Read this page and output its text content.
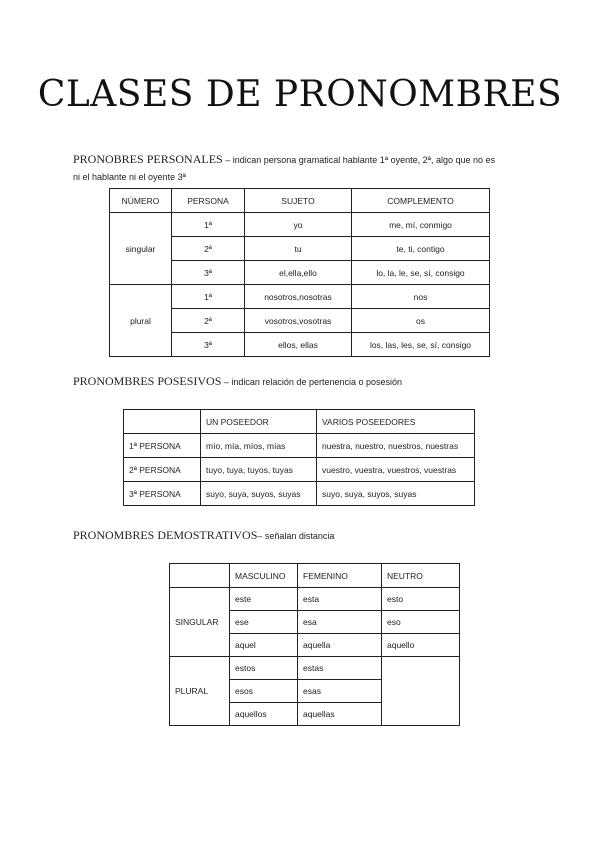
CLASES DE PRONOMBRES
PRONOBRES PERSONALES – indican persona gramatical hablante 1ª oyente, 2ª, algo que no es
ni el hablante ni el oyente 3ª
NÚMERO	PERSONA	SUJETO	COMPLEMENTO
singular	1ª	yo	me, mí, conmigo
	2ª	tu	te, ti, contigo
	3ª	el,ella,ello	lo, la, le, se, sí, consigo
plural	1ª	nosotros,nosotras	nos
	2ª	vosotros,vosotras	os
	3ª	ellos, ellas	los, las, les, se, sí, consigo
PRONOMBRES POSESIVOS – indican relación de pertenencia o posesión
	UN POSEEDOR	VARIOS POSEEDORES
1ª PERSONA	mío, mía, míos, mías	nuestra, nuestro, nuestros, nuestras
2ª PERSONA	tuyo, tuya, tuyos, tuyas	vuestro, vuestra, vuestros, vuestras
3ª PERSONA	suyo, suya, suyos, suyas	suyo, suya, suyos, suyas
PRONOMBRES DEMOSTRATIVOS– señalan distancia
	MASCULINO	FEMENINO	NEUTRO
SINGULAR	este	esta	esto
	ese	esa	eso
	aquel	aquella	aquello
PLURAL	estos	estas	
	esos	esas	
	aquellos	aquellas	
